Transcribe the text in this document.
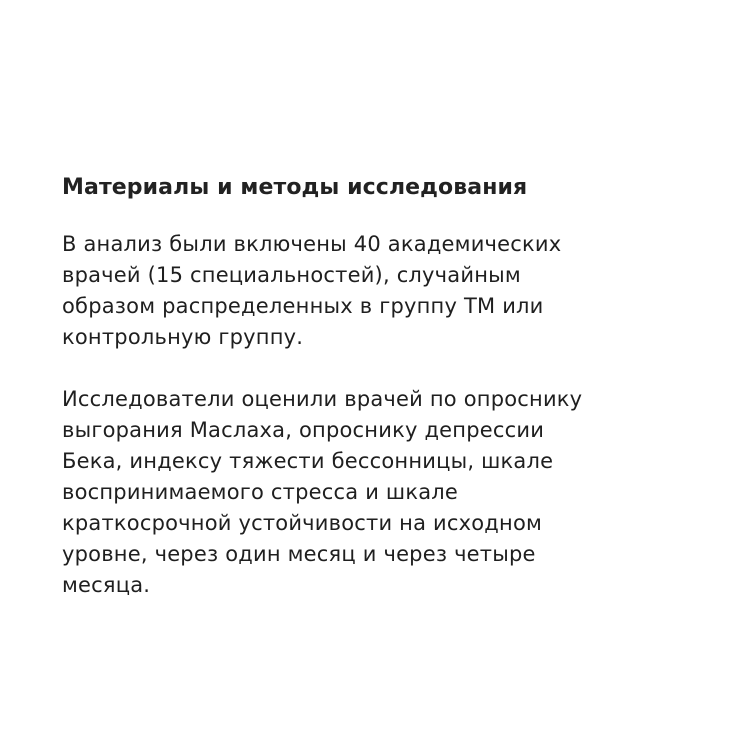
Материалы и методы исследования

В анализ были включены 40 академических
врачей (15 специальностей), случайным
образом распределенных в группу ТМ или
контрольную группу.

Исследователи оценили врачей по опроснику
выгорания Маслаха, опроснику депрессии
Бека, индексу тяжести бессонницы, шкале
воспринимаемого стресса и шкале
краткосрочной устойчивости на исходном
уровне, через один месяц и через четыре
месяца.
